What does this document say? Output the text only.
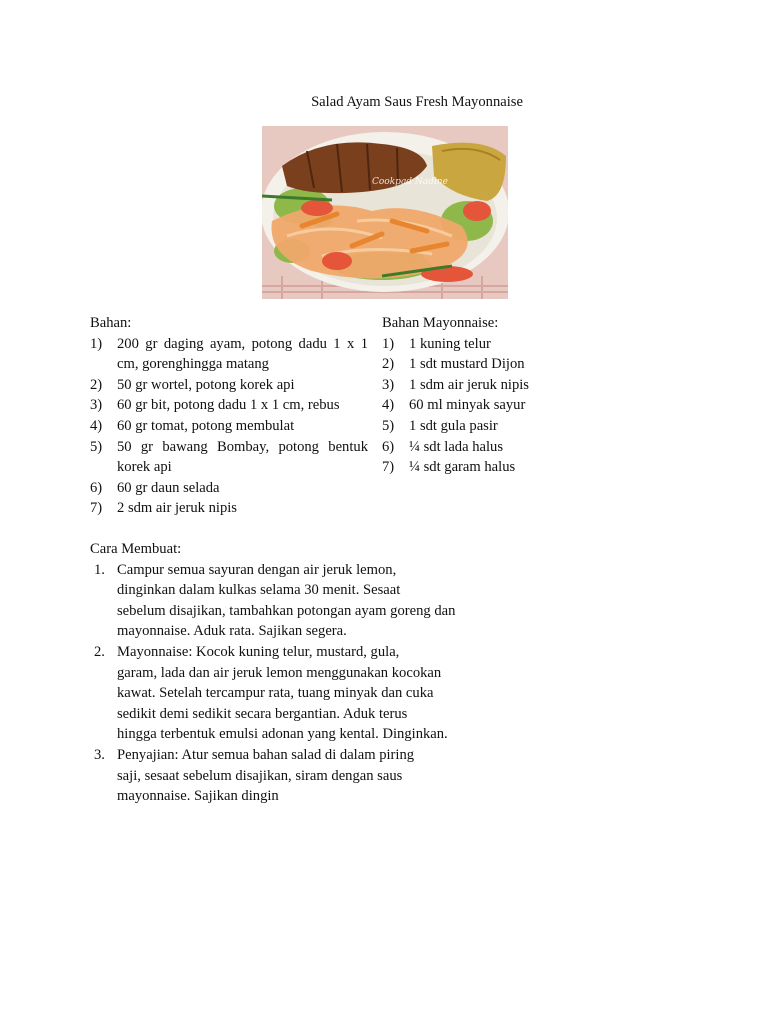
Salad Ayam Saus Fresh Mayonnaise
Cookpad Nadine
Bahan:
1) 200 gr daging ayam, potong dadu 1 x 1 cm, gorenghingga matang
2) 50 gr wortel, potong korek api
3) 60 gr bit, potong dadu 1 x 1 cm, rebus
4) 60 gr tomat, potong membulat
5) 50 gr bawang Bombay, potong bentuk korek api
6) 60 gr daun selada
7) 2 sdm air jeruk nipis
Bahan Mayonnaise:
1) 1 kuning telur
2) 1 sdt mustard Dijon
3) 1 sdm air jeruk nipis
4) 60 ml minyak sayur
5) 1 sdt gula pasir
6) ¼ sdt lada halus
7) ¼ sdt garam halus
Cara Membuat:
1. Campur semua sayuran dengan air jeruk lemon,
dinginkan dalam kulkas selama 30 menit. Sesaat
sebelum disajikan, tambahkan potongan ayam goreng dan
mayonnaise. Aduk rata. Sajikan segera.
2. Mayonnaise: Kocok kuning telur, mustard, gula,
garam, lada dan air jeruk lemon menggunakan kocokan
kawat. Setelah tercampur rata, tuang minyak dan cuka
sedikit demi sedikit secara bergantian. Aduk terus
hingga terbentuk emulsi adonan yang kental. Dinginkan.
3. Penyajian: Atur semua bahan salad di dalam piring
saji, sesaat sebelum disajikan, siram dengan saus
mayonnaise. Sajikan dingin
